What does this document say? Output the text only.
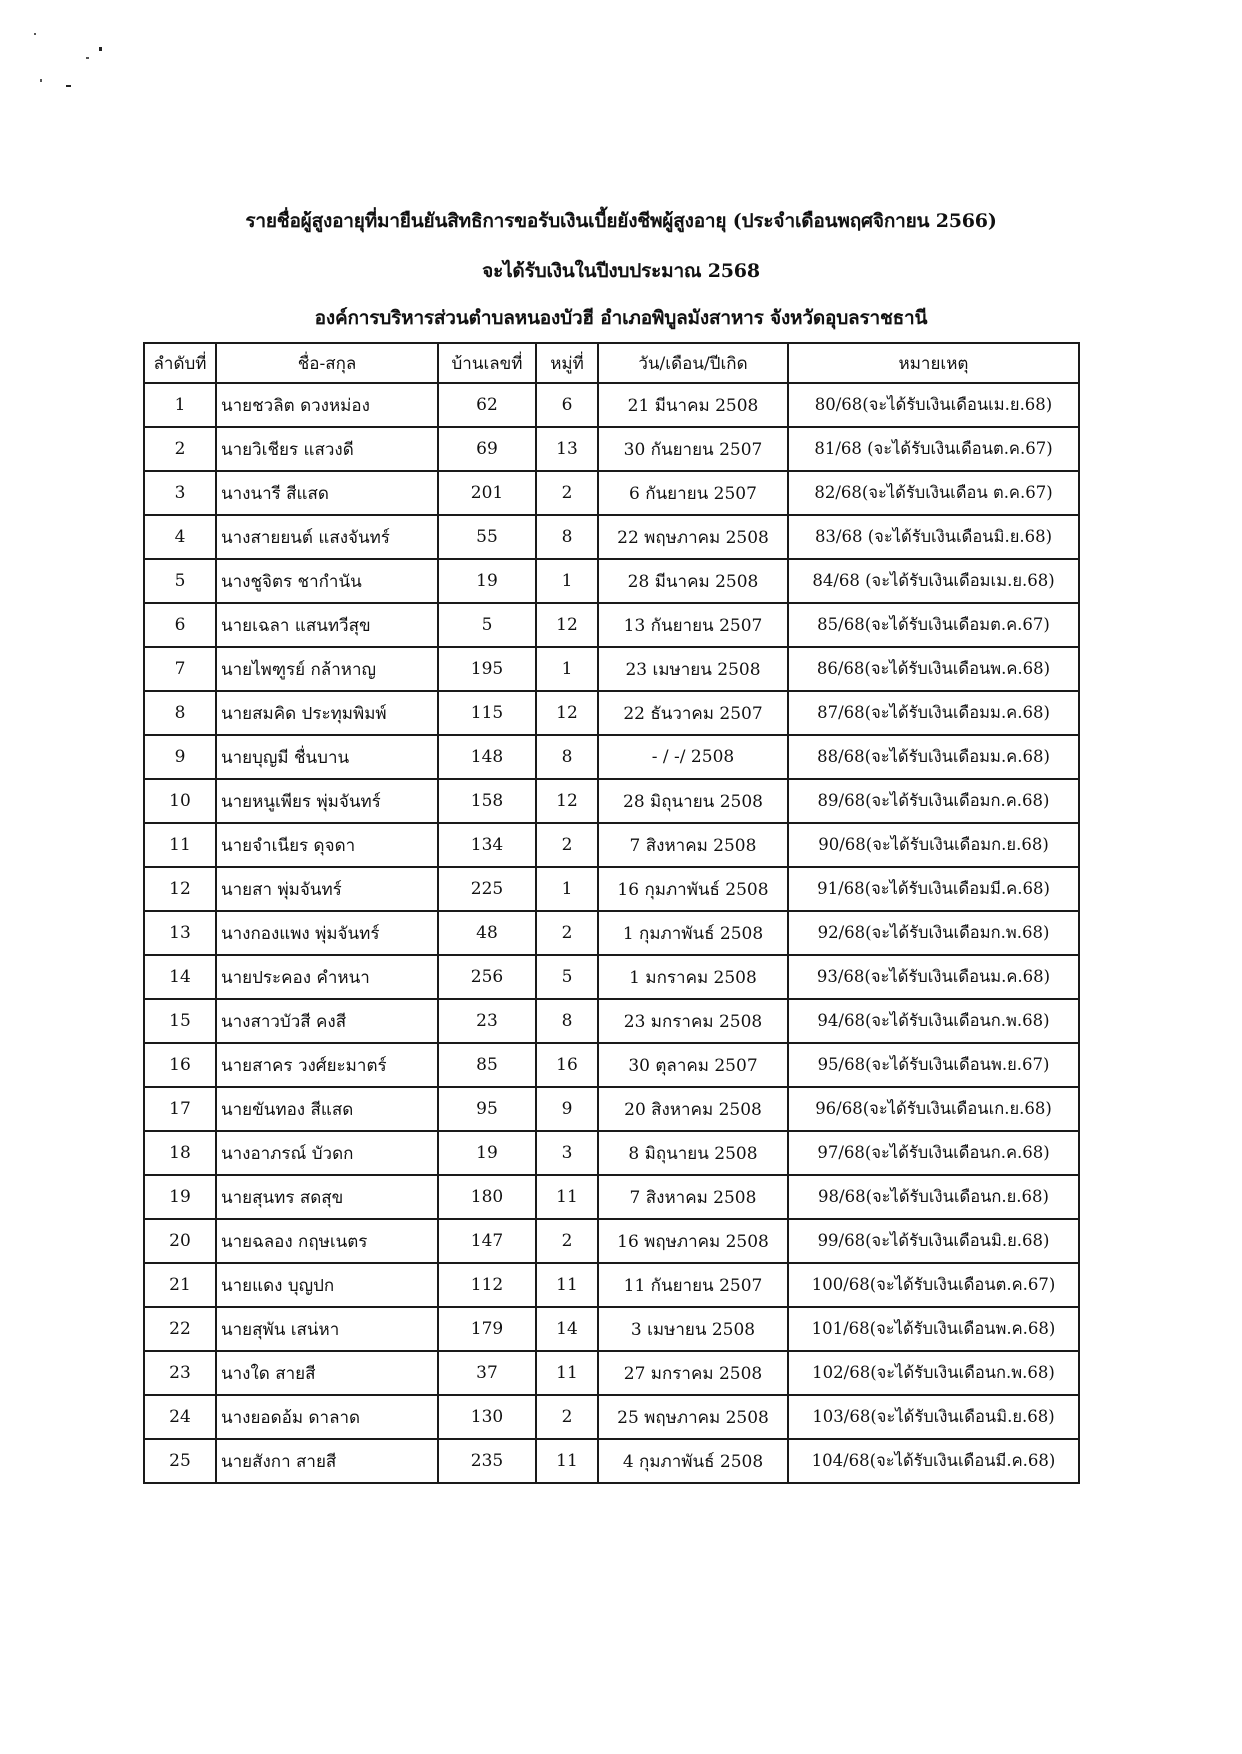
รายชื่อผู้สูงอายุที่มายืนยันสิทธิการขอรับเงินเบี้ยยังชีพผู้สูงอายุ (ประจำเดือนพฤศจิกายน 2566)
จะได้รับเงินในปีงบประมาณ 2568
องค์การบริหารส่วนตำบลหนองบัวฮี อำเภอพิบูลมังสาหาร จังหวัดอุบลราชธานี
ลำดับที่	ชื่อ-สกุล	บ้านเลขที่	หมู่ที่	วัน/เดือน/ปีเกิด	หมายเหตุ
1	นายชวลิต ดวงหม่อง	62	6	21 มีนาคม 2508	80/68(จะได้รับเงินเดือนเม.ย.68)
2	นายวิเชียร แสวงดี	69	13	30 กันยายน 2507	81/68 (จะได้รับเงินเดือนต.ค.67)
3	นางนารี สีแสด	201	2	6 กันยายน 2507	82/68(จะได้รับเงินเดือน ต.ค.67)
4	นางสายยนต์ แสงจันทร์	55	8	22 พฤษภาคม 2508	83/68 (จะได้รับเงินเดือนมิ.ย.68)
5	นางชูจิตร ชากำนัน	19	1	28 มีนาคม 2508	84/68 (จะได้รับเงินเดือมเม.ย.68)
6	นายเฉลา แสนทวีสุข	5	12	13 กันยายน 2507	85/68(จะได้รับเงินเดือมต.ค.67)
7	นายไพฑูรย์ กล้าหาญ	195	1	23 เมษายน 2508	86/68(จะได้รับเงินเดือนพ.ค.68)
8	นายสมคิด ประทุมพิมพ์	115	12	22 ธันวาคม 2507	87/68(จะได้รับเงินเดือมม.ค.68)
9	นายบุญมี ชื่นบาน	148	8	- / -/ 2508	88/68(จะได้รับเงินเดือมม.ค.68)
10	นายหนูเพียร พุ่มจันทร์	158	12	28 มิถุนายน 2508	89/68(จะได้รับเงินเดือมก.ค.68)
11	นายจำเนียร ดุจดา	134	2	7 สิงหาคม 2508	90/68(จะได้รับเงินเดือมก.ย.68)
12	นายสา พุ่มจันทร์	225	1	16 กุมภาพันธ์ 2508	91/68(จะได้รับเงินเดือมมี.ค.68)
13	นางกองแพง พุ่มจันทร์	48	2	1 กุมภาพันธ์ 2508	92/68(จะได้รับเงินเดือมก.พ.68)
14	นายประคอง คำหนา	256	5	1 มกราคม 2508	93/68(จะได้รับเงินเดือนม.ค.68)
15	นางสาวบัวสี คงสี	23	8	23 มกราคม 2508	94/68(จะได้รับเงินเดือนก.พ.68)
16	นายสาคร วงศ์ยะมาตร์	85	16	30 ตุลาคม 2507	95/68(จะได้รับเงินเดือนพ.ย.67)
17	นายขันทอง สีแสด	95	9	20 สิงหาคม 2508	96/68(จะได้รับเงินเดือนเก.ย.68)
18	นางอาภรณ์ บัวดก	19	3	8 มิถุนายน 2508	97/68(จะได้รับเงินเดือนก.ค.68)
19	นายสุนทร สดสุข	180	11	7 สิงหาคม 2508	98/68(จะได้รับเงินเดือนก.ย.68)
20	นายฉลอง กฤษเนตร	147	2	16 พฤษภาคม 2508	99/68(จะได้รับเงินเดือนมิ.ย.68)
21	นายแดง บุญปก	112	11	11 กันยายน 2507	100/68(จะได้รับเงินเดือนต.ค.67)
22	นายสุพัน เสน่หา	179	14	3 เมษายน 2508	101/68(จะได้รับเงินเดือนพ.ค.68)
23	นางใด สายสี	37	11	27 มกราคม 2508	102/68(จะได้รับเงินเดือนก.พ.68)
24	นางยอดอ้ม ดาลาด	130	2	25 พฤษภาคม 2508	103/68(จะได้รับเงินเดือนมิ.ย.68)
25	นายสังกา สายสี	235	11	4 กุมภาพันธ์ 2508	104/68(จะได้รับเงินเดือนมี.ค.68)
